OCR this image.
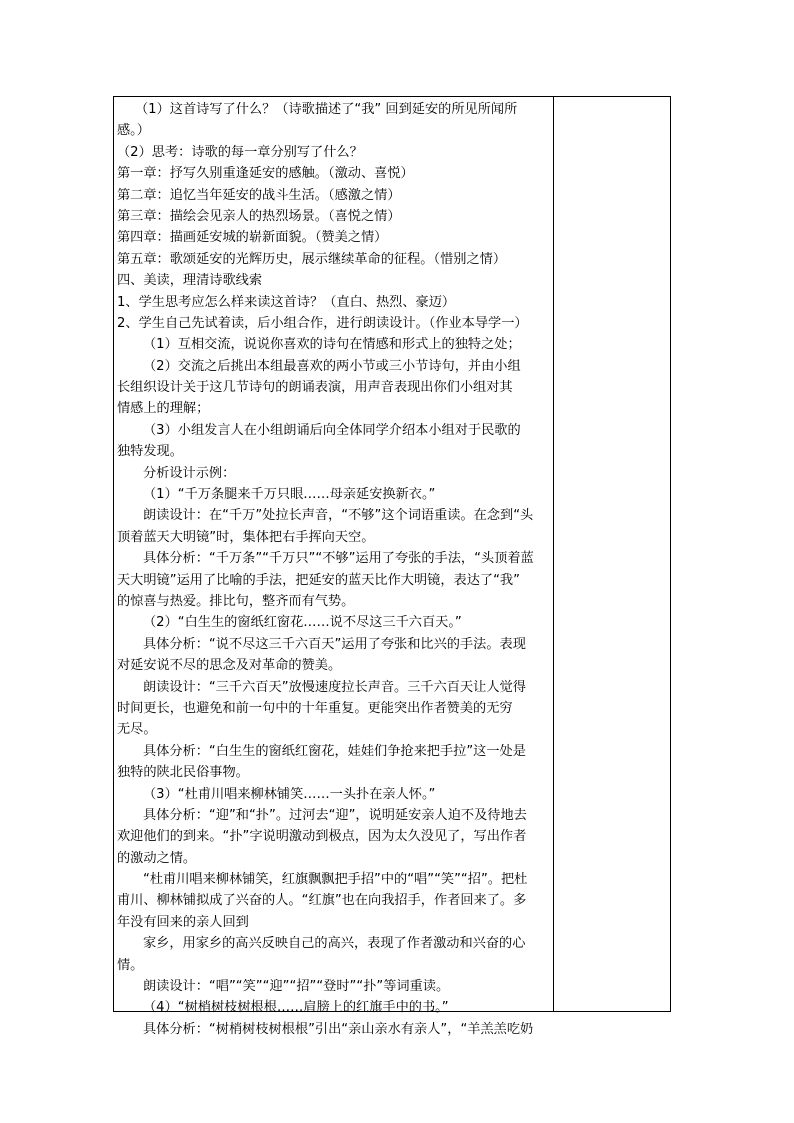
（1）这首诗写了什么？（诗歌描述了“我” 回到延安的所见所闻所
感。）
（2）思考：诗歌的每一章分别写了什么？
第一章：抒写久别重逢延安的感触。（激动、喜悦）
第二章：追忆当年延安的战斗生活。（感激之情）
第三章：描绘会见亲人的热烈场景。（喜悦之情）
第四章：描画延安城的崭新面貌。（赞美之情）
第五章：歌颂延安的光辉历史，展示继续革命的征程。（惜别之情）
四、美读，理清诗歌线索
1、学生思考应怎么样来读这首诗？（直白、热烈、豪迈）
2、学生自己先试着读，后小组合作，进行朗读设计。（作业本导学一）
（1）互相交流，说说你喜欢的诗句在情感和形式上的独特之处；
（2）交流之后挑出本组最喜欢的两小节或三小节诗句，并由小组
长组织设计关于这几节诗句的朗诵表演，用声音表现出你们小组对其
情感上的理解；
（3）小组发言人在小组朗诵后向全体同学介绍本小组对于民歌的
独特发现。
分析设计示例：
（1）“千万条腿来千万只眼……母亲延安换新衣。”
朗读设计：在“千万”处拉长声音，“不够”这个词语重读。在念到“头
顶着蓝天大明镜”时，集体把右手挥向天空。
具体分析：“千万条”“千万只”“不够”运用了夸张的手法，“头顶着蓝
天大明镜”运用了比喻的手法，把延安的蓝天比作大明镜，表达了“我”
的惊喜与热爱。排比句，整齐而有气势。
（2）“白生生的窗纸红窗花……说不尽这三千六百天。”
具体分析：“说不尽这三千六百天”运用了夸张和比兴的手法。表现
对延安说不尽的思念及对革命的赞美。
朗读设计：“三千六百天”放慢速度拉长声音。三千六百天让人觉得
时间更长，也避免和前一句中的十年重复。更能突出作者赞美的无穷
无尽。
具体分析：“白生生的窗纸红窗花，娃娃们争抢来把手拉”这一处是
独特的陕北民俗事物。
（3）“杜甫川唱来柳林铺笑……一头扑在亲人怀。”
具体分析：“迎”和“扑”。过河去“迎”，说明延安亲人迫不及待地去
欢迎他们的到来。“扑”字说明激动到极点，因为太久没见了，写出作者
的激动之情。
“杜甫川唱来柳林铺笑，红旗飘飘把手招”中的“唱”“笑”“招”。把杜
甫川、柳林铺拟成了兴奋的人。“红旗”也在向我招手，作者回来了。多
年没有回来的亲人回到
家乡，用家乡的高兴反映自己的高兴，表现了作者激动和兴奋的心
情。
朗读设计：“唱”“笑”“迎”“招”“登时”“扑”等词重读。
（4）“树梢树枝树根根……肩膀上的红旗手中的书。”
具体分析：“树梢树枝树根根”引出“亲山亲水有亲人”，“羊羔羔吃奶
